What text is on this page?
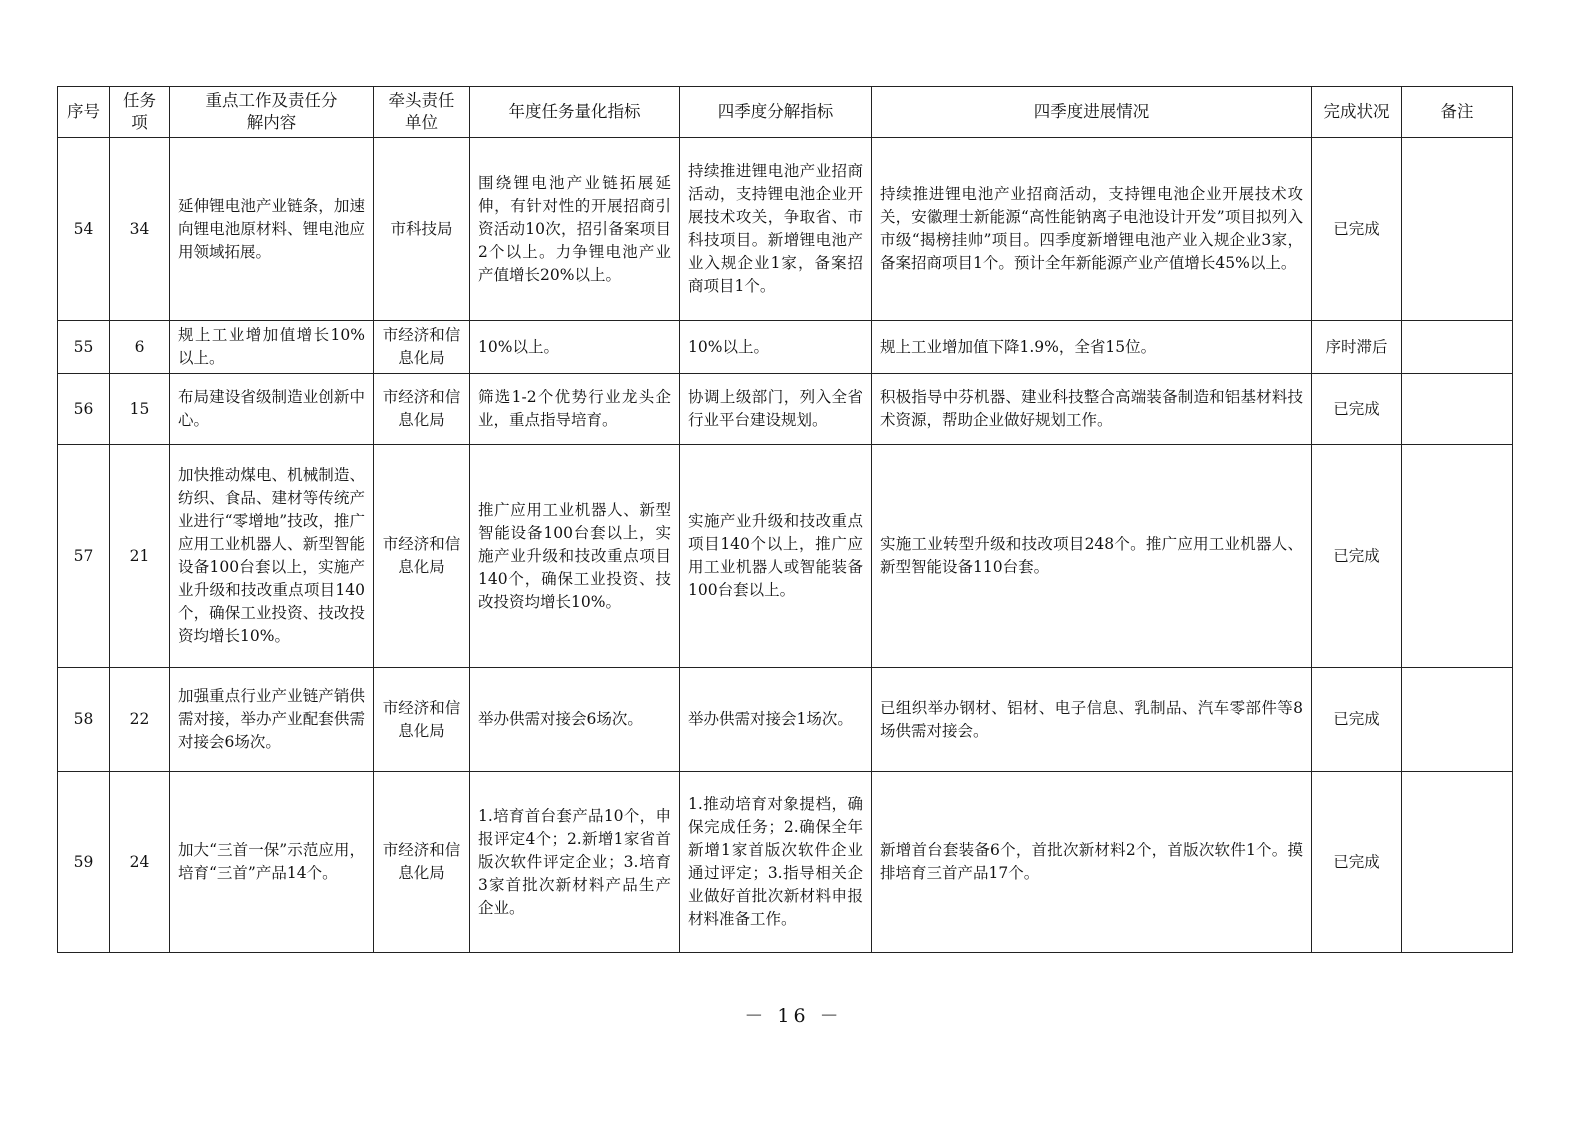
序号	任务项	重点工作及责任分解内容	牵头责任单位	年度任务量化指标	四季度分解指标	四季度进展情况	完成状况	备注
54	34	延伸锂电池产业链条，加速向锂电池原材料、锂电池应用领域拓展。	市科技局	围绕锂电池产业链拓展延伸，有针对性的开展招商引资活动10次，招引备案项目2个以上。力争锂电池产业产值增长20%以上。	持续推进锂电池产业招商活动，支持锂电池企业开展技术攻关，争取省、市科技项目。新增锂电池产业入规企业1家，备案招商项目1个。	持续推进锂电池产业招商活动，支持锂电池企业开展技术攻关，安徽理士新能源“高性能钠离子电池设计开发”项目拟列入市级“揭榜挂帅”项目。四季度新增锂电池产业入规企业3家，备案招商项目1个。预计全年新能源产业产值增长45%以上。	已完成	
55	6	规上工业增加值增长10%以上。	市经济和信息化局	10%以上。	10%以上。	规上工业增加值下降1.9%，全省15位。	序时滞后	
56	15	布局建设省级制造业创新中心。	市经济和信息化局	筛选1-2个优势行业龙头企业，重点指导培育。	协调上级部门，列入全省行业平台建设规划。	积极指导中芬机器、建业科技整合高端装备制造和铝基材料技术资源，帮助企业做好规划工作。	已完成	
57	21	加快推动煤电、机械制造、纺织、食品、建材等传统产业进行“零增地”技改，推广应用工业机器人、新型智能设备100台套以上，实施产业升级和技改重点项目140个，确保工业投资、技改投资均增长10%。	市经济和信息化局	推广应用工业机器人、新型智能设备100台套以上，实施产业升级和技改重点项目140个，确保工业投资、技改投资均增长10%。	实施产业升级和技改重点项目140个以上，推广应用工业机器人或智能装备100台套以上。	实施工业转型升级和技改项目248个。推广应用工业机器人、新型智能设备110台套。	已完成	
58	22	加强重点行业产业链产销供需对接，举办产业配套供需对接会6场次。	市经济和信息化局	举办供需对接会6场次。	举办供需对接会1场次。	已组织举办钢材、铝材、电子信息、乳制品、汽车零部件等8场供需对接会。	已完成	
59	24	加大“三首一保”示范应用，培育“三首”产品14个。	市经济和信息化局	1.培育首台套产品10个，申报评定4个；2.新增1家省首版次软件评定企业；3.培育3家首批次新材料产品生产企业。	1.推动培育对象提档，确保完成任务；2.确保全年新增1家首版次软件企业通过评定；3.指导相关企业做好首批次新材料申报材料准备工作。	新增首台套装备6个，首批次新材料2个，首版次软件1个。摸排培育三首产品17个。	已完成	
－ 16 －
